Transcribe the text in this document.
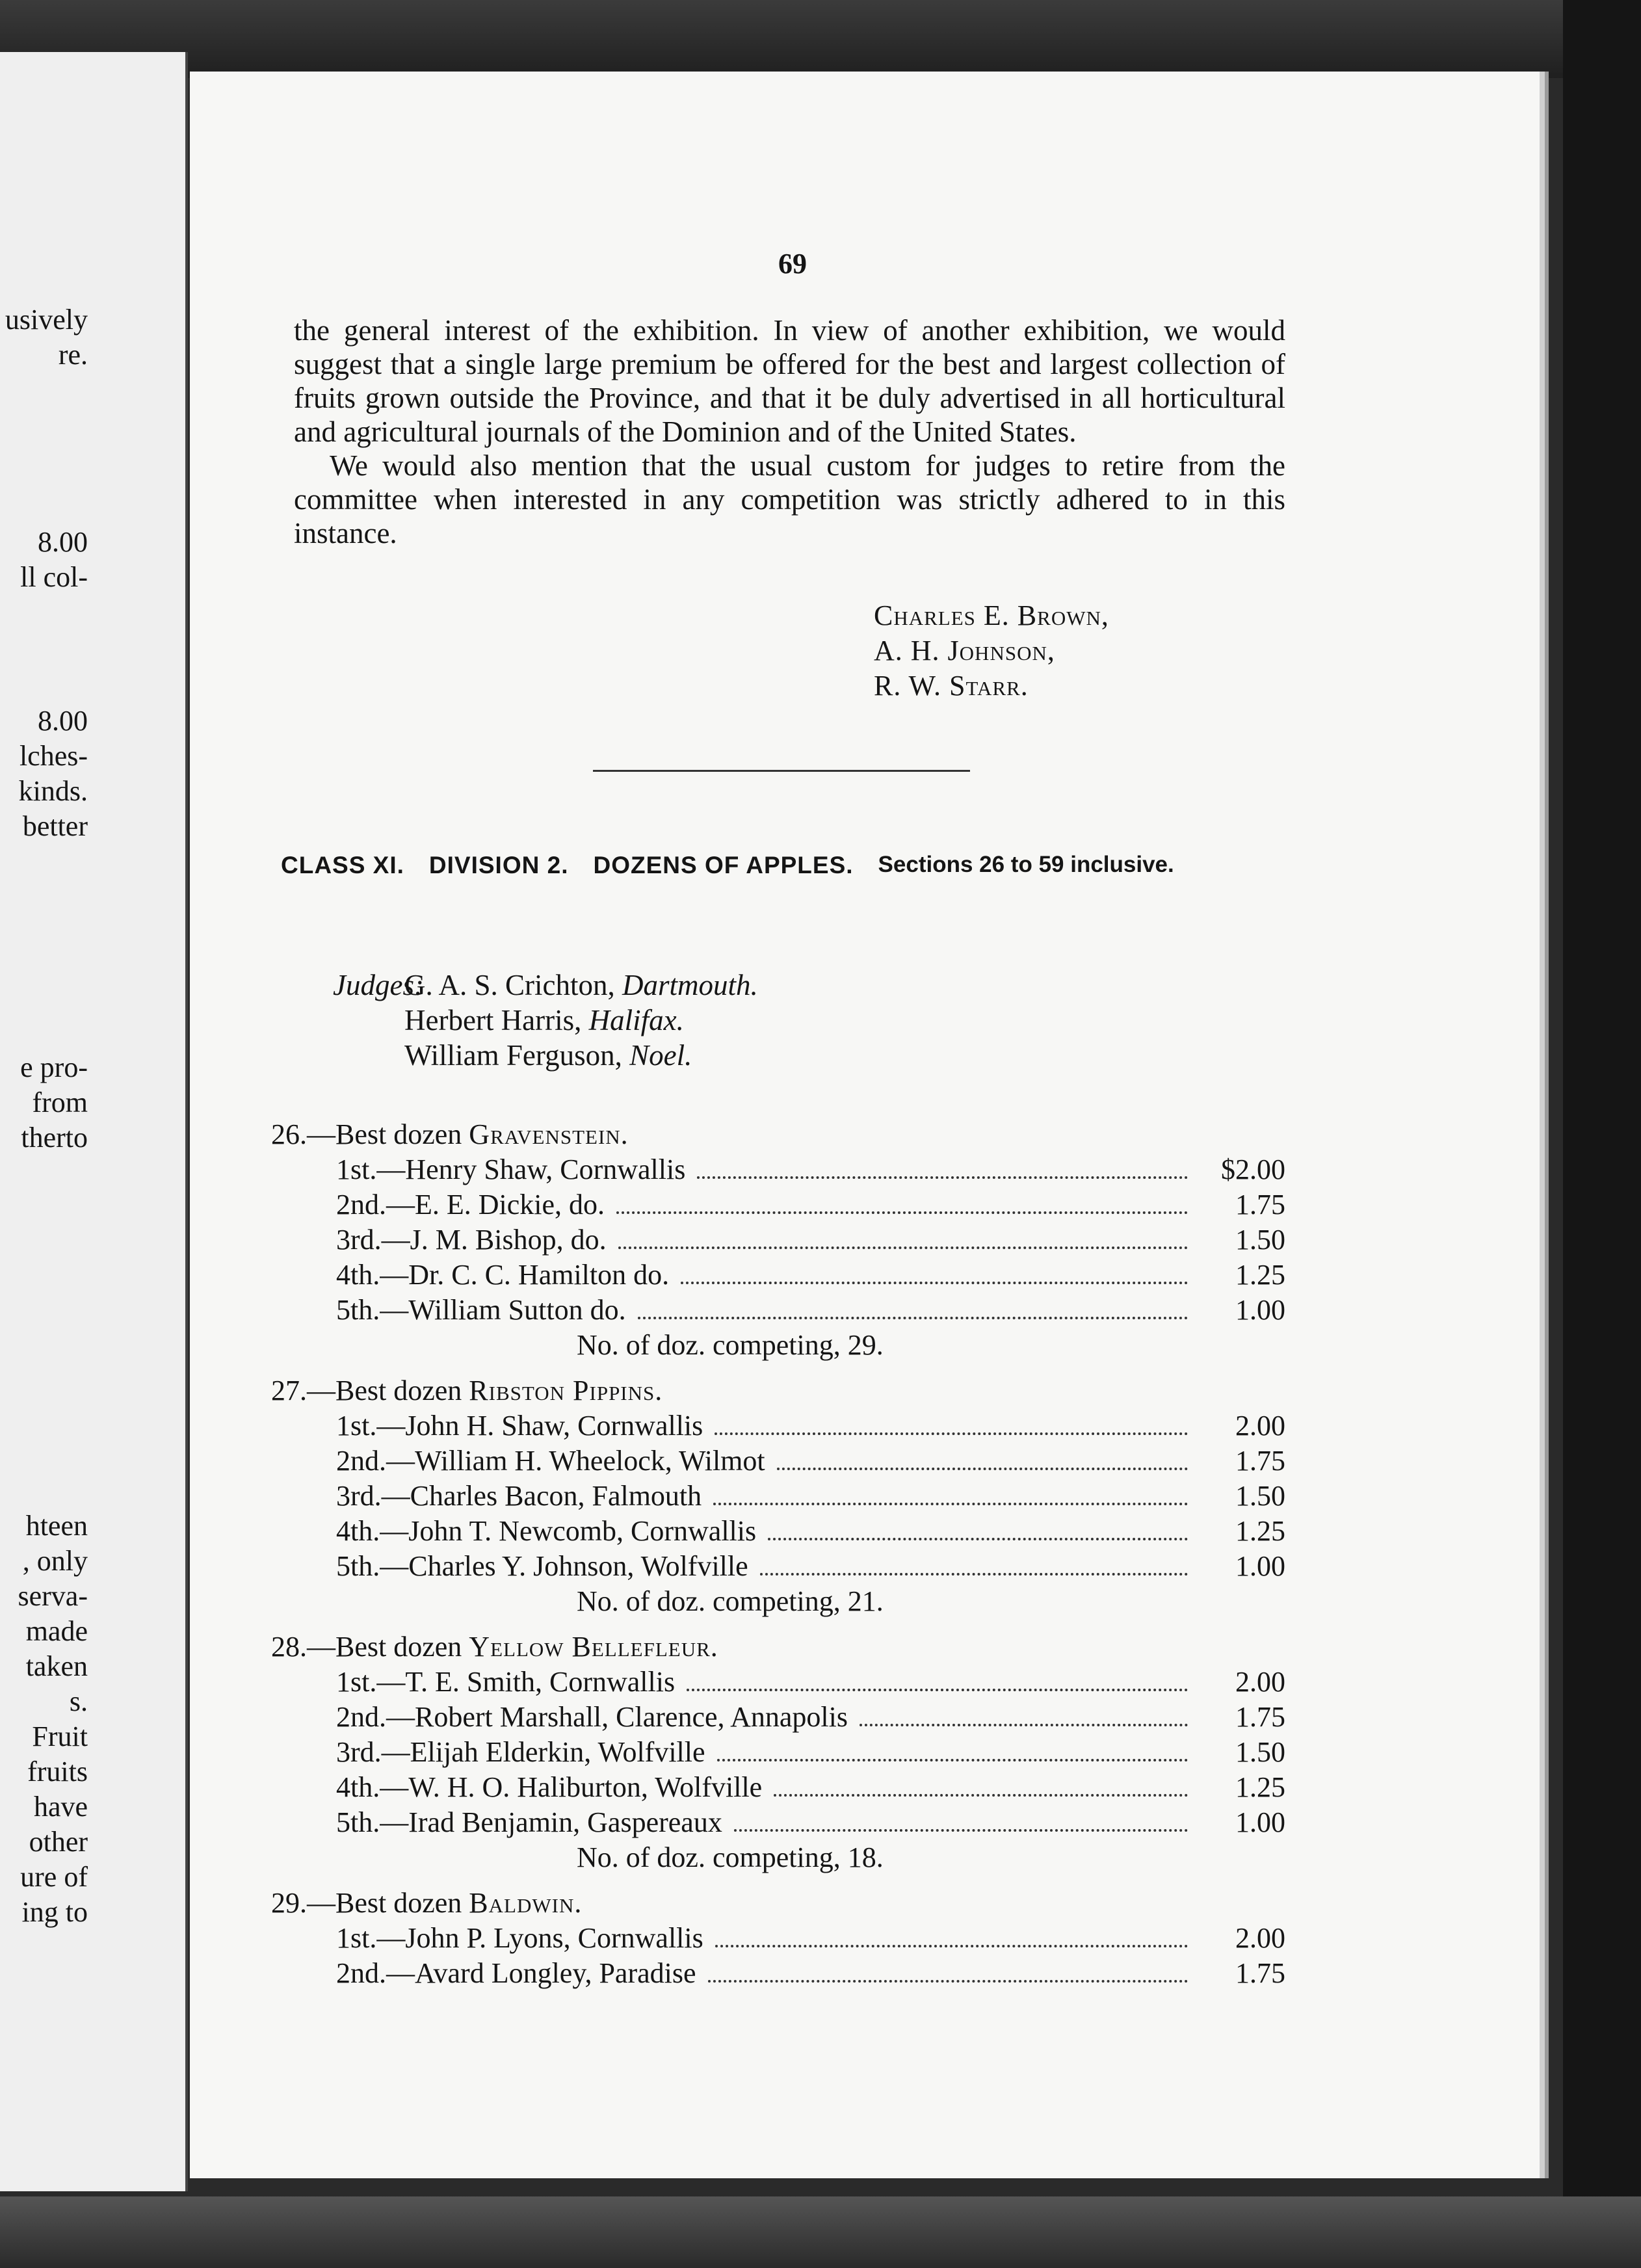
usively
re.
8.00
ll col-
8.00
lches-
kinds.
better
e pro-
from
therto
hteen
, only
serva-
made
taken
s.
Fruit
fruits
have
other
ure of
ing to
69

the general interest of the exhibition. In view of another exhibition, we would suggest that a single large premium be offered for the best and largest collection of fruits grown outside the Province, and that it be duly advertised in all horticultural and agricultural journals of the Dominion and of the United States.

We would also mention that the usual custom for judges to retire from the committee when interested in any competition was strictly adhered to in this instance.

Charles E. Brown,
A. H. Johnson,
R. W. Starr.
CLASS XI. DIVISION 2. DOZENS OF APPLES. Sections 26 to 59 inclusive.
Judges:
G. A. S. Crichton, Dartmouth.
Herbert Harris, Halifax.
William Ferguson, Noel.
26.—Best dozen Gravenstein.
1st.—Henry Shaw, Cornwallis	$2.00
2nd.—E. E. Dickie, do.	1.75
3rd.—J. M. Bishop, do.	1.50
4th.—Dr. C. C. Hamilton do.	1.25
5th.—William Sutton do.	1.00
No. of doz. competing, 29.
27.—Best dozen Ribston Pippins.
1st.—John H. Shaw, Cornwallis	2.00
2nd.—William H. Wheelock, Wilmot	1.75
3rd.—Charles Bacon, Falmouth	1.50
4th.—John T. Newcomb, Cornwallis	1.25
5th.—Charles Y. Johnson, Wolfville	1.00
No. of doz. competing, 21.
28.—Best dozen Yellow Bellefleur.
1st.—T. E. Smith, Cornwallis	2.00
2nd.—Robert Marshall, Clarence, Annapolis	1.75
3rd.—Elijah Elderkin, Wolfville	1.50
4th.—W. H. O. Haliburton, Wolfville	1.25
5th.—Irad Benjamin, Gaspereaux	1.00
No. of doz. competing, 18.
29.—Best dozen Baldwin.
1st.—John P. Lyons, Cornwallis	2.00
2nd.—Avard Longley, Paradise	1.75
